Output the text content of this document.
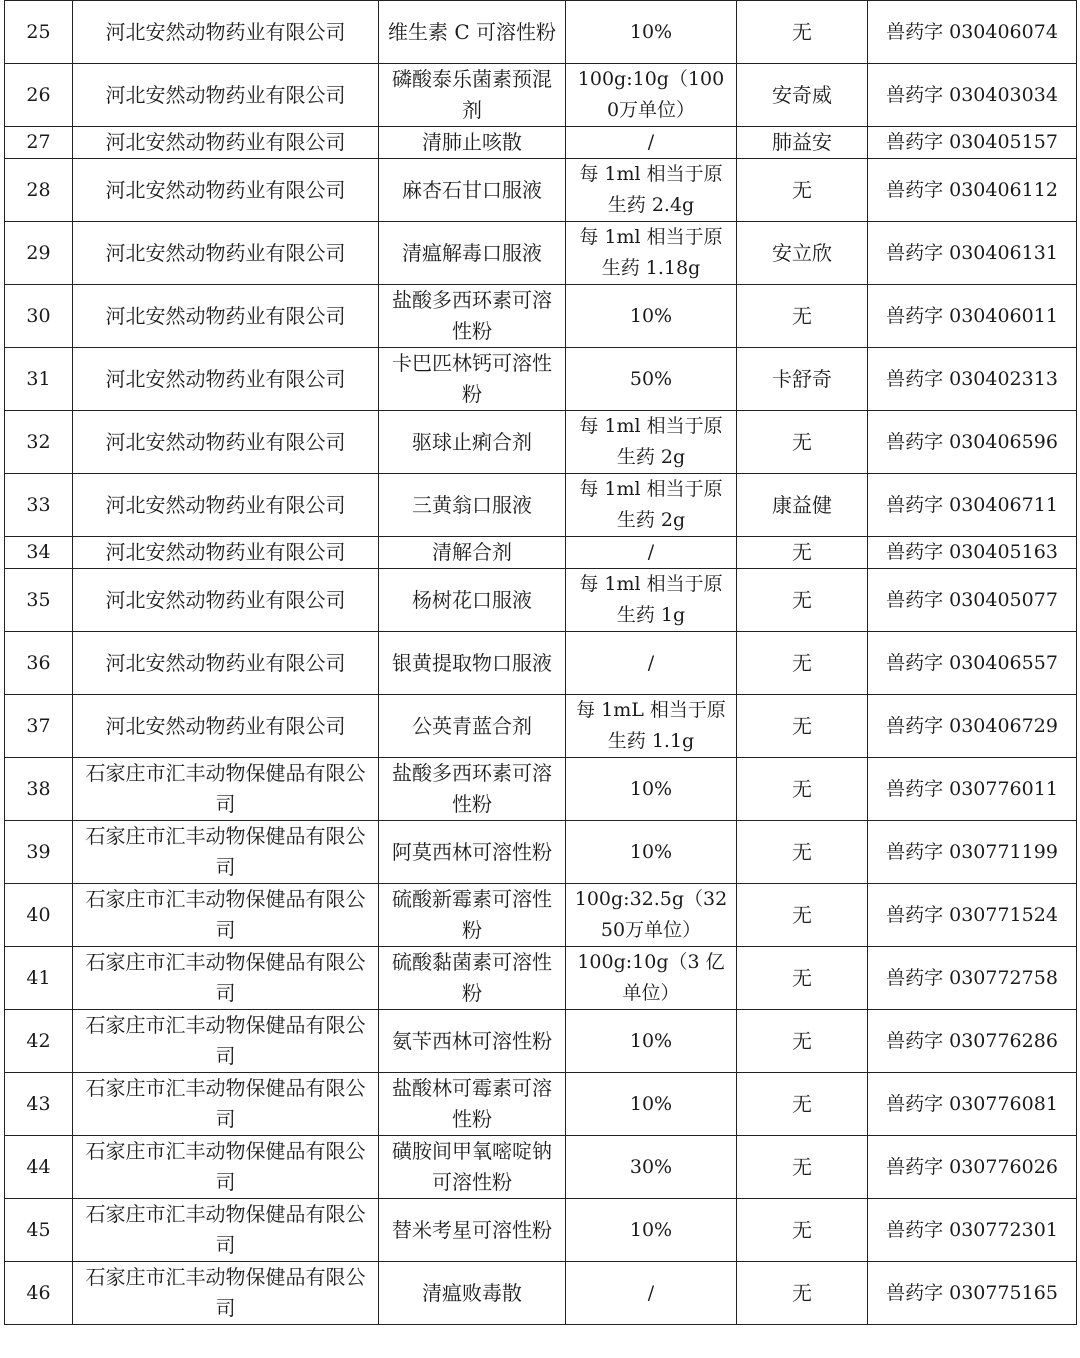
25	河北安然动物药业有限公司	维生素 C 可溶性粉	10%	无	兽药字 030406074
26	河北安然动物药业有限公司	磷酸泰乐菌素预混剂	100g:10g（1000万单位）	安奇威	兽药字 030403034
27	河北安然动物药业有限公司	清肺止咳散	/	肺益安	兽药字 030405157
28	河北安然动物药业有限公司	麻杏石甘口服液	每 1ml 相当于原生药 2.4g	无	兽药字 030406112
29	河北安然动物药业有限公司	清瘟解毒口服液	每 1ml 相当于原生药 1.18g	安立欣	兽药字 030406131
30	河北安然动物药业有限公司	盐酸多西环素可溶性粉	10%	无	兽药字 030406011
31	河北安然动物药业有限公司	卡巴匹林钙可溶性粉	50%	卡舒奇	兽药字 030402313
32	河北安然动物药业有限公司	驱球止痢合剂	每 1ml 相当于原生药 2g	无	兽药字 030406596
33	河北安然动物药业有限公司	三黄翁口服液	每 1ml 相当于原生药 2g	康益健	兽药字 030406711
34	河北安然动物药业有限公司	清解合剂	/	无	兽药字 030405163
35	河北安然动物药业有限公司	杨树花口服液	每 1ml 相当于原生药 1g	无	兽药字 030405077
36	河北安然动物药业有限公司	银黄提取物口服液	/	无	兽药字 030406557
37	河北安然动物药业有限公司	公英青蓝合剂	每 1mL 相当于原生药 1.1g	无	兽药字 030406729
38	石家庄市汇丰动物保健品有限公司	盐酸多西环素可溶性粉	10%	无	兽药字 030776011
39	石家庄市汇丰动物保健品有限公司	阿莫西林可溶性粉	10%	无	兽药字 030771199
40	石家庄市汇丰动物保健品有限公司	硫酸新霉素可溶性粉	100g:32.5g（3250万单位）	无	兽药字 030771524
41	石家庄市汇丰动物保健品有限公司	硫酸黏菌素可溶性粉	100g:10g（3 亿单位）	无	兽药字 030772758
42	石家庄市汇丰动物保健品有限公司	氨苄西林可溶性粉	10%	无	兽药字 030776286
43	石家庄市汇丰动物保健品有限公司	盐酸林可霉素可溶性粉	10%	无	兽药字 030776081
44	石家庄市汇丰动物保健品有限公司	磺胺间甲氧嘧啶钠可溶性粉	30%	无	兽药字 030776026
45	石家庄市汇丰动物保健品有限公司	替米考星可溶性粉	10%	无	兽药字 030772301
46	石家庄市汇丰动物保健品有限公司	清瘟败毒散	/	无	兽药字 030775165
